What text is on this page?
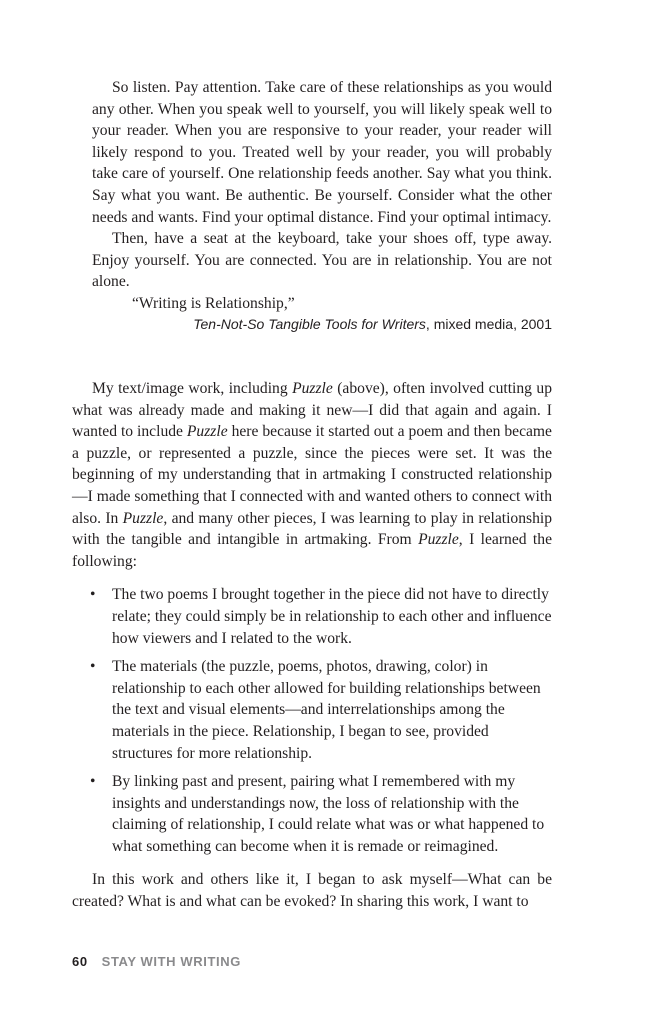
So listen. Pay attention. Take care of these relationships as you would any other. When you speak well to yourself, you will likely speak well to your reader. When you are responsive to your reader, your reader will likely respond to you. Treated well by your reader, you will probably take care of yourself. One relationship feeds another. Say what you think. Say what you want. Be authentic. Be yourself. Consider what the other needs and wants. Find your optimal distance. Find your optimal intimacy.

Then, have a seat at the keyboard, take your shoes off, type away. Enjoy yourself. You are connected. You are in relationship. You are not alone.

“Writing is Relationship,”

Ten-Not-So Tangible Tools for Writers, mixed media, 2001

My text/image work, including Puzzle (above), often involved cutting up what was already made and making it new—I did that again and again. I wanted to include Puzzle here because it started out a poem and then became a puzzle, or represented a puzzle, since the pieces were set. It was the beginning of my understanding that in artmaking I constructed relationship—I made something that I connected with and wanted others to connect with also. In Puzzle, and many other pieces, I was learning to play in relationship with the tangible and intangible in artmaking. From Puzzle, I learned the following:

• The two poems I brought together in the piece did not have to directly relate; they could simply be in relationship to each other and influence how viewers and I related to the work.
• The materials (the puzzle, poems, photos, drawing, color) in relationship to each other allowed for building relationships between the text and visual elements—and interrelationships among the materials in the piece. Relationship, I began to see, provided structures for more relationship.
• By linking past and present, pairing what I remembered with my insights and understandings now, the loss of relationship with the claiming of relationship, I could relate what was or what happened to what something can become when it is remade or reimagined.

In this work and others like it, I began to ask myself—What can be created? What is and what can be evoked? In sharing this work, I want to

60 STAY WITH WRITING
